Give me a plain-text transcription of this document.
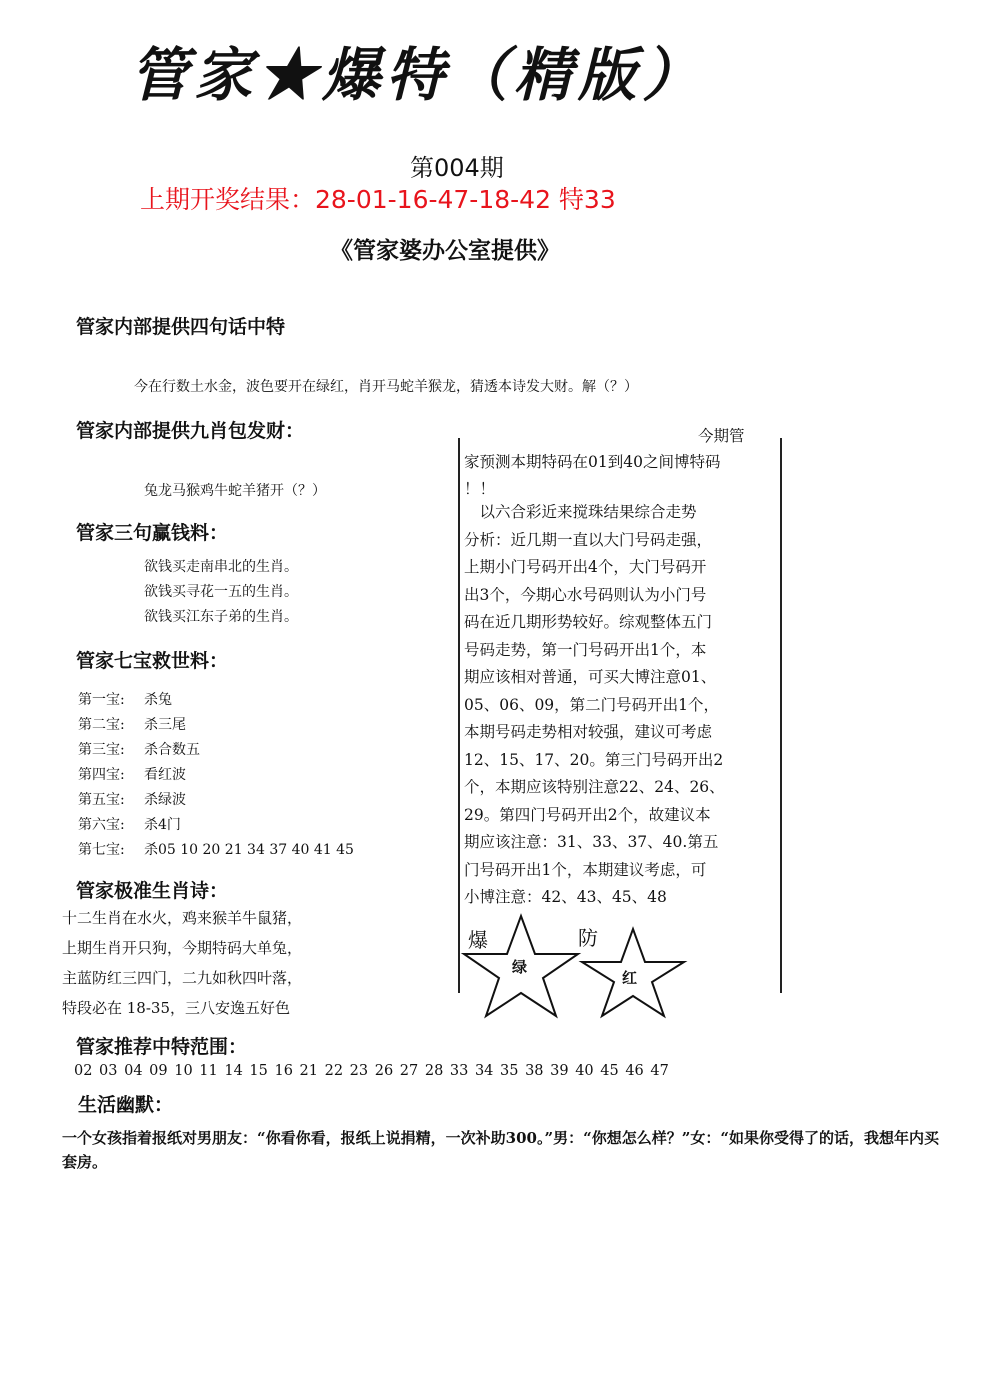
管家★爆特（精版）
第004期
上期开奖结果：28-01-16-47-18-42 特33
《管家婆办公室提供》
管家内部提供四句话中特
今在行数土水金，波色要开在绿红，肖开马蛇羊猴龙，猜透本诗发大财。解（？）
管家内部提供九肖包发财：
兔龙马猴鸡牛蛇羊猪开（？）
管家三句赢钱料：
欲钱买走南串北的生肖。
欲钱买寻花一五的生肖。
欲钱买江东子弟的生肖。
管家七宝救世料：
第一宝: 杀兔
第二宝: 杀三尾
第三宝: 杀合数五
第四宝: 看红波
第五宝: 杀绿波
第六宝: 杀4门
第七宝: 杀05 10 20 21 34 37 40 41 45
管家极准生肖诗：
十二生肖在水火，鸡来猴羊牛鼠猪，
上期生肖开只狗，今期特码大单兔，
主蓝防红三四门，二九如秋四叶落，
特段必在 18-35，三八安逸五好色
今期管
家预测本期特码在01到40之间博特码
！！
　以六合彩近来搅珠结果综合走势
分析：近几期一直以大门号码走强，
上期小门号码开出4个，大门号码开
出3个，今期心水号码则认为小门号
码在近几期形势较好。综观整体五门
号码走势，第一门号码开出1个，本
期应该相对普通，可买大博注意01、
05、06、09，第二门号码开出1个，
本期号码走势相对较强，建议可考虑
12、15、17、20。第三门号码开出2
个，本期应该特别注意22、24、26、
29。第四门号码开出2个，故建议本
期应该注意：31、33、37、40.第五
门号码开出1个，本期建议考虑，可
小博注意：42、43、45、48
爆	防
绿
红
管家推荐中特范围：
02 03 04 09 10 11 14 15 16 21 22 23 26 27 28 33 34 35 38 39 40 45 46 47
生活幽默：
一个女孩指着报纸对男朋友：“你看你看，报纸上说捐精，一次补助300。”男：“你想怎么样？”女：“如果你受得了的话，我想年内买套房。
